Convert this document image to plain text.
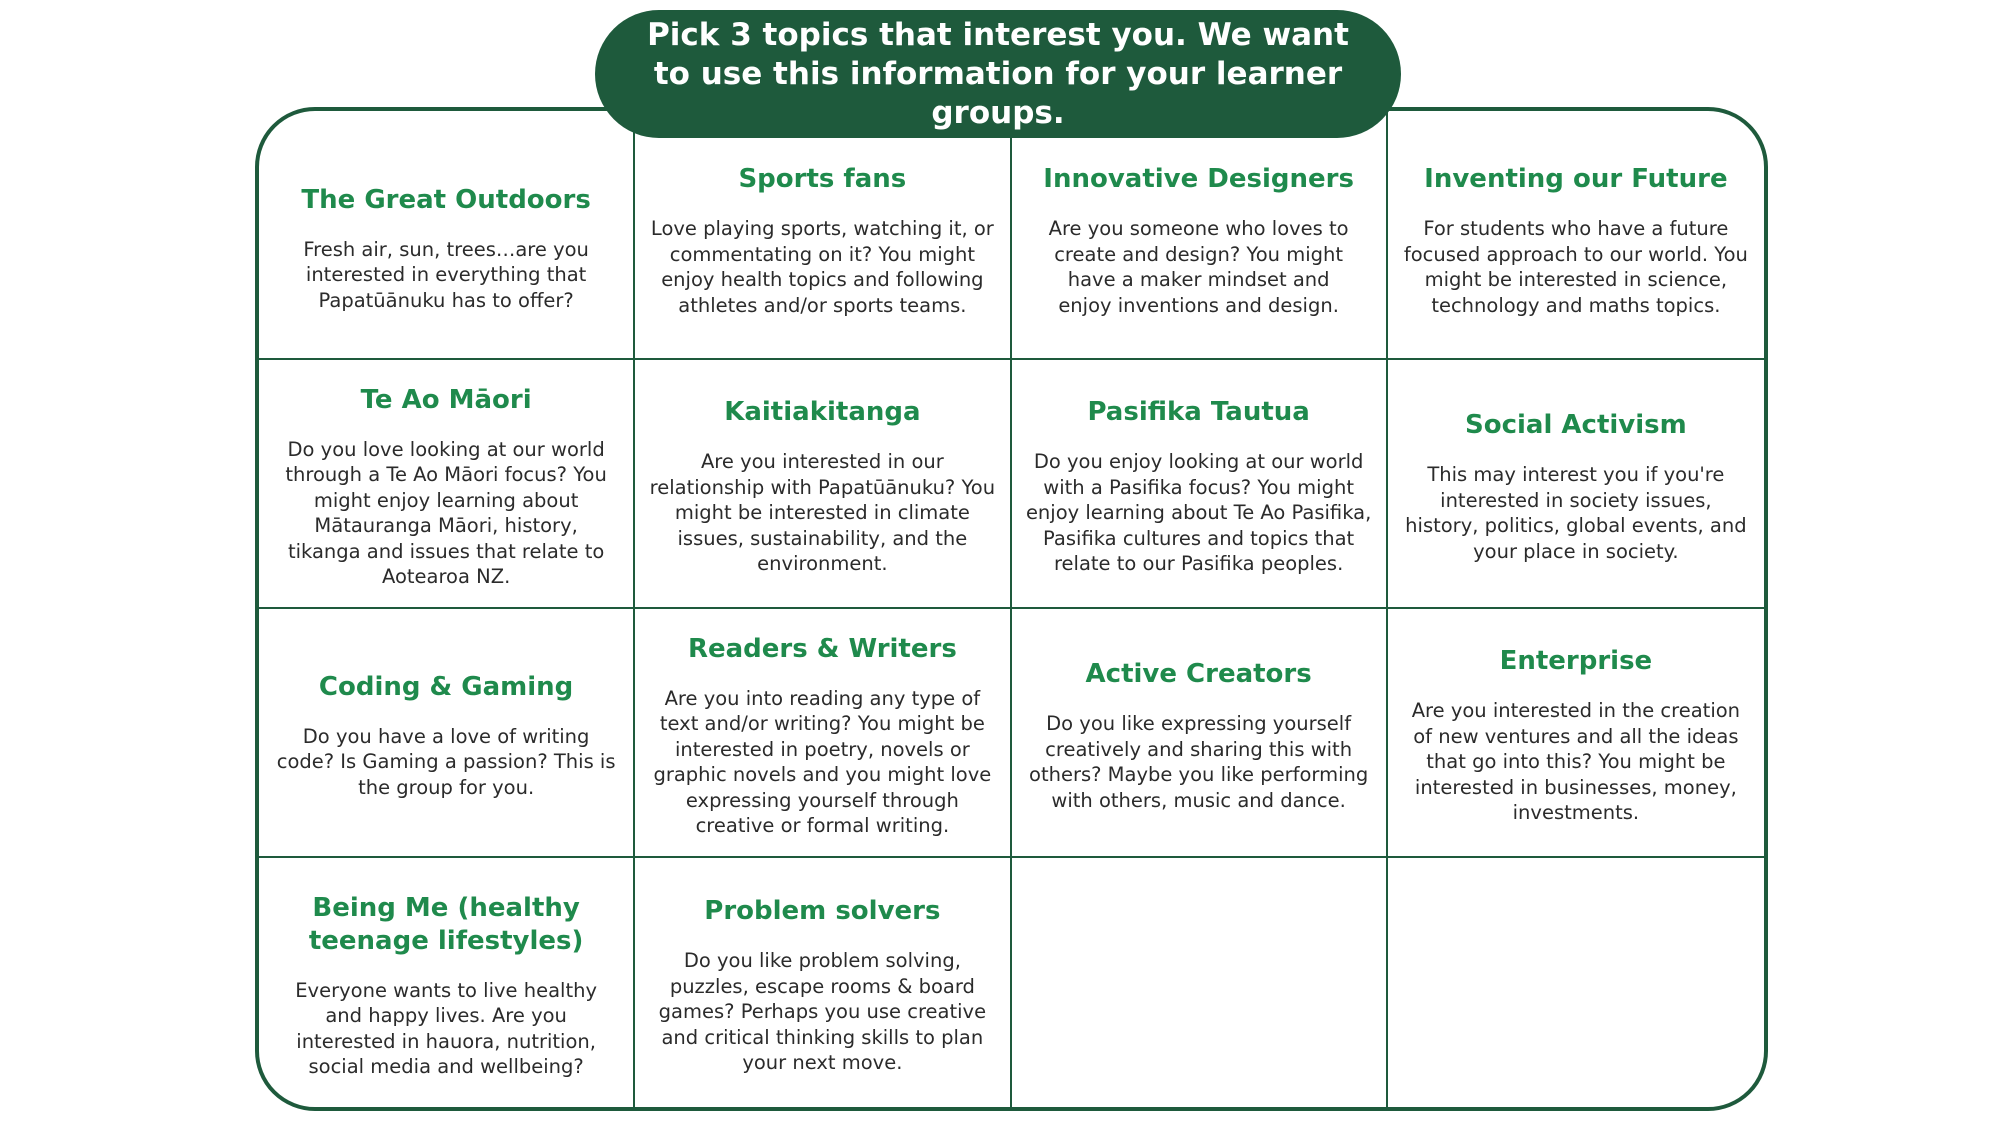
Pick 3 topics that interest you. We want to use this information for your learner groups.
The Great Outdoors
Fresh air, sun, trees…are you interested in everything that Papatūānuku has to offer?
Sports fans
Love playing sports, watching it, or commentating on it? You might enjoy health topics and following athletes and/or sports teams.
Innovative Designers
Are you someone who loves to create and design? You might have a maker mindset and enjoy inventions and design.
Inventing our Future
For students who have a future focused approach to our world. You might be interested in science, technology and maths topics.
Te Ao Māori
Do you love looking at our world through a Te Ao Māori focus? You might enjoy learning about Mātauranga Māori, history, tikanga and issues that relate to Aotearoa NZ.
Kaitiakitanga
Are you interested in our relationship with Papatūānuku? You might be interested in climate issues, sustainability, and the environment.
Pasifika Tautua
Do you enjoy looking at our world with a Pasifika focus? You might enjoy learning about Te Ao Pasifika, Pasifika cultures and topics that relate to our Pasifika peoples.
Social Activism
This may interest you if you're interested in society issues, history, politics, global events, and your place in society.
Coding & Gaming
Do you have a love of writing code? Is Gaming a passion? This is the group for you.
Readers & Writers
Are you into reading any type of text and/or writing? You might be interested in poetry, novels or graphic novels and you might love expressing yourself through creative or formal writing.
Active Creators
Do you like expressing yourself creatively and sharing this with others? Maybe you like performing with others, music and dance.
Enterprise
Are you interested in the creation of new ventures and all the ideas that go into this? You might be interested in businesses, money, investments.
Being Me (healthy teenage lifestyles)
Everyone wants to live healthy and happy lives. Are you interested in hauora, nutrition, social media and wellbeing?
Problem solvers
Do you like problem solving, puzzles, escape rooms & board games? Perhaps you use creative and critical thinking skills to plan your next move.
